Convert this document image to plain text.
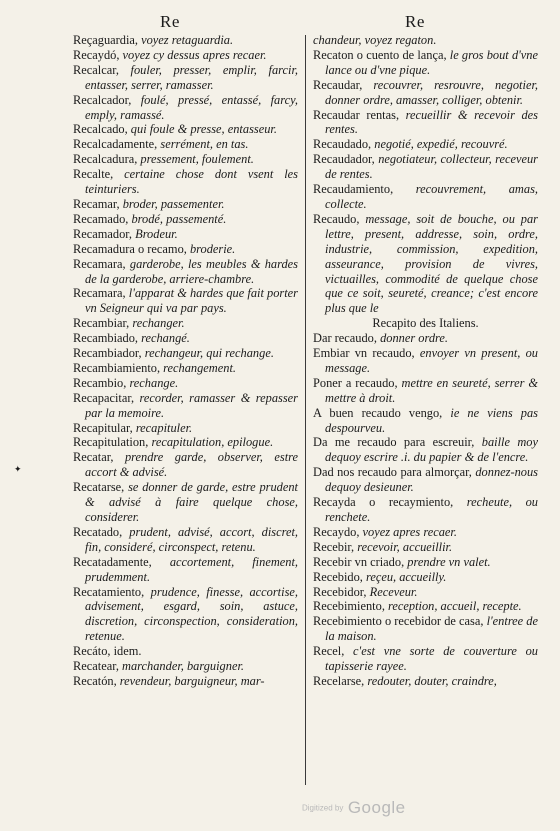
Re	Re

Reçaguardia, voyez retaguardia.

Recaydó, voyez cy dessus apres recaer.

Recalcar, fouler, presser, emplir, farcir, entasser, serrer, ramasser.

Recalcador, foulé, pressé, entassé, farcy, emply, ramassé.

Recalcado, qui foule & presse, entasseur.

Recalcadamente, serrément, en tas.

Recalcadura, pressement, foulement.

Recalte, certaine chose dont vsent les teinturiers.

Recamar, broder, passementer.

Recamado, brodé, passementé.

Recamador, Brodeur.

Recamadura o recamo, broderie.

Recamara, garderobe, les meubles & hardes de la garderobe, arriere-chambre.

Recamara, l'apparat & hardes que fait porter vn Seigneur qui va par pays.

Recambiar, rechanger.

Recambiado, rechangé.

Recambiador, rechangeur, qui rechange.

Recambiamiento, rechangement.

Recambio, rechange.

Recapacitar, recorder, ramasser & repasser par la memoire.

Recapitular, recapituler.

Recapitulation, recapitulation, epilogue.

Recatar, prendre garde, observer, estre accort & advisé.

Recatarse, se donner de garde, estre prudent & advisé à faire quelque chose, considerer.

Recatado, prudent, advisé, accort, discret, fin, consideré, circonspect, retenu.

Recatadamente, accortement, finement, prudemment.

Recatamiento, prudence, finesse, accortise, advisement, esgard, soin, astuce, discretion, circonspection, consideration, retenue.

Recáto, idem.

Recatear, marchander, barguigner.

Recatón, revendeur, barguigneur, mar-

chandeur, voyez regaton.

Recaton o cuento de lança, le gros bout d'vne lance ou d'vne pique.

Recaudar, recouvrer, resrouvre, negotier, donner ordre, amasser, colliger, obtenir.

Recaudar rentas, recueillir & recevoir des rentes.

Recaudado, negotié, expedié, recouvré.

Recaudador, negotiateur, collecteur, receveur de rentes.

Recaudamiento, recouvrement, amas, collecte.

Recaudo, message, soit de bouche, ou par lettre, present, addresse, soin, ordre, industrie, commission, expedition, asseurance, provision de vivres, victuailles, commodité de quelque chose que ce soit, seureté, creance; c'est encore plus que le

Recapito des Italiens.

Dar recaudo, donner ordre.

Embiar vn recaudo, envoyer vn present, ou message.

Poner a recaudo, mettre en seureté, serrer & mettre à droit.

A buen recaudo vengo, ie ne viens pas despourveu.

Da me recaudo para escreuir, baille moy dequoy escrire .i. du papier & de l'encre.

Dad nos recaudo para almorçar, donnez-nous dequoy desieuner.

Recayda o recaymiento, recheute, ou renchete.

Recaydo, voyez apres recaer.

Recebir, recevoir, accueillir.

Recebir vn criado, prendre vn valet.

Recebido, reçeu, accueilly.

Recebidor, Receveur.

Recebimiento, reception, accueil, recepte.

Recebimiento o recebidor de casa, l'entree de la maison.

Recel, c'est vne sorte de couverture ou tapisserie rayee.

Recelarse, redouter, douter, craindre,

✦
Digitized by Google
